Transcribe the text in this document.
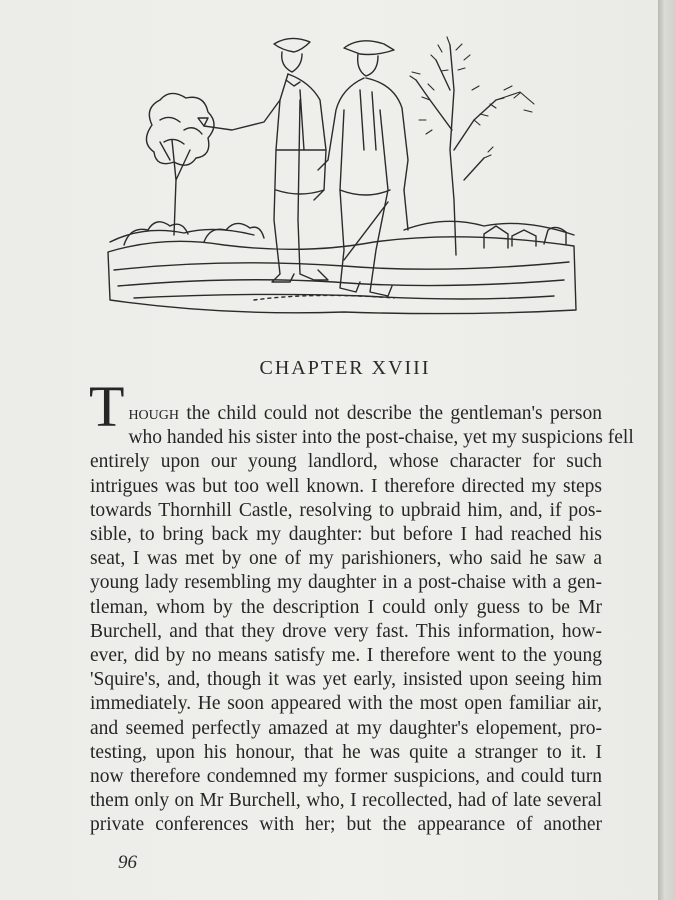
CHAPTER XVIII
T hough the child could not describe the gentleman's person
who handed his sister into the post-chaise, yet my suspicions fell
entirely upon our young landlord, whose character for such
intrigues was but too well known. I therefore directed my steps
towards Thornhill Castle, resolving to upbraid him, and, if pos-
sible, to bring back my daughter: but before I had reached his
seat, I was met by one of my parishioners, who said he saw a
young lady resembling my daughter in a post-chaise with a gen-
tleman, whom by the description I could only guess to be Mr
Burchell, and that they drove very fast. This information, how-
ever, did by no means satisfy me. I therefore went to the young
'Squire's, and, though it was yet early, insisted upon seeing him
immediately. He soon appeared with the most open familiar air,
and seemed perfectly amazed at my daughter's elopement, pro-
testing, upon his honour, that he was quite a stranger to it. I
now therefore condemned my former suspicions, and could turn
them only on Mr Burchell, who, I recollected, had of late several
private conferences with her; but the appearance of another
96
